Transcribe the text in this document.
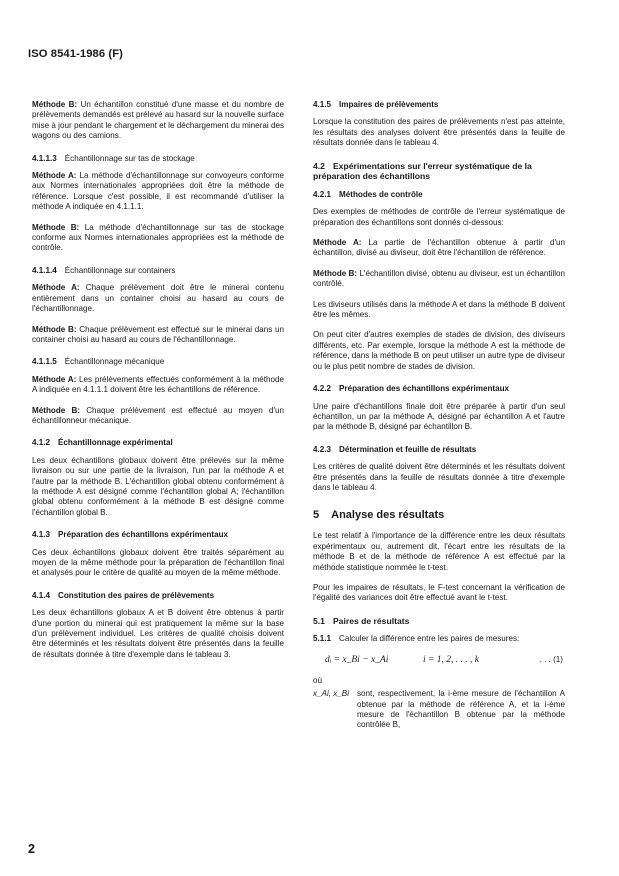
ISO 8541-1986 (F)

Méthode B: Un échantillon constitué d'une masse et du nombre de prélèvements demandés est prélevé au hasard sur la nouvelle surface mise à jour pendant le chargement et le déchargement du minerai des wagons ou des camions.

4.1.1.3 Échantillonnage sur tas de stockage

Méthode A: La méthode d'échantillonnage sur convoyeurs conforme aux Normes internationales appropriées doit être la méthode de référence. Lorsque c'est possible, il est recommandé d'utiliser la méthode A indiquée en 4.1.1.1.

Méthode B: La méthode d'échantillonnage sur tas de stockage conforme aux Normes internationales appropriées est la méthode de contrôle.

4.1.1.4 Échantillonnage sur containers

Méthode A: Chaque prélèvement doit être le minerai contenu entièrement dans un container choisi au hasard au cours de l'échantillonnage.

Méthode B: Chaque prélèvement est effectué sur le minerai dans un container choisi au hasard au cours de l'échantillonnage.

4.1.1.5 Échantillonnage mécanique

Méthode A: Les prélèvements effectués conformément à la méthode A indiquée en 4.1.1.1 doivent être les échantillons de référence.

Méthode B: Chaque prélèvement est effectué au moyen d'un échantillonneur mécanique.

4.1.2 Échantillonnage expérimental

Les deux échantillons globaux doivent être prélevés sur la même livraison ou sur une partie de la livraison, l'un par la méthode A et l'autre par la méthode B. L'échantillon global obtenu conformément à la méthode A est désigné comme l'échantillon global A; l'échantillon global obtenu conformément à la méthode B est désigné comme l'échantillon global B.

4.1.3 Préparation des échantillons expérimentaux

Ces deux échantillons globaux doivent être traités séparément au moyen de la même méthode pour la préparation de l'échantillon final et analysés pour le critère de qualité au moyen de la même méthode.

4.1.4 Constitution des paires de prélèvements

Les deux échantillons globaux A et B doivent être obtenus à partir d'une portion du minerai qui est pratiquement la même sur la base d'un prélèvement individuel. Les critères de qualité choisis doivent être déterminés et les résultats doivent être présentés dans la feuille de résultats donnée à titre d'exemple dans le tableau 3.

4.1.5 Impaires de prélèvements

Lorsque la constitution des paires de prélèvements n'est pas atteinte, les résultats des analyses doivent être présentés dans la feuille de résultats donnée dans le tableau 4.

4.2 Expérimentations sur l'erreur systématique de la préparation des échantillons
4.2.1 Méthodes de contrôle

Des exemples de méthodes de contrôle de l'erreur systématique de préparation des échantillons sont donnés ci-dessous:

Méthode A: La partie de l'échantillon obtenue à partir d'un échantillon, divisé au diviseur, doit être l'échantillon de référence.

Méthode B: L'échantillon divisé, obtenu au diviseur, est un échantillon contrôlé.

Les diviseurs utilisés dans la méthode A et dans la méthode B doivent être les mêmes.

On peut citer d'autres exemples de stades de division, des diviseurs différents, etc. Par exemple, lorsque la méthode A est la méthode de référence, dans la méthode B on peut utiliser un autre type de diviseur ou le plus petit nombre de stades de division.

4.2.2 Préparation des échantillons expérimentaux

Une paire d'échantillons finale doit être préparée à partir d'un seul échantillon, un par la méthode A, désigné par échantillon A et l'autre par la méthode B, désigné par échantillon B.

4.2.3 Détermination et feuille de résultats

Les critères de qualité doivent être déterminés et les résultats doivent être présentés dans la feuille de résultats donnée à titre d'exemple dans le tableau 4.

5 Analyse des résultats

Le test relatif à l'importance de la différence entre les deux résultats expérimentaux ou, autrement dit, l'écart entre les résultats de la méthode B et de la méthode de référence A est effectué par la méthode statistique nommée le t-test.

Pour les impaires de résultats, le F-test concernant la vérification de l'égalité des variances doit être effectué avant le t-test.

5.1 Paires de résultats
5.1.1 Calculer la différence entre les paires de mesures:
dᵢ = x_Bi − x_Ai	i = 1, 2, . . . , k	. . . (1)

où

x_Ai, x_Bi sont, respectivement, la i-ème mesure de l'échantillon A obtenue par la méthode de référence A, et la i-ème mesure de l'échantillon B obtenue par la méthode contrôlée B,
2
